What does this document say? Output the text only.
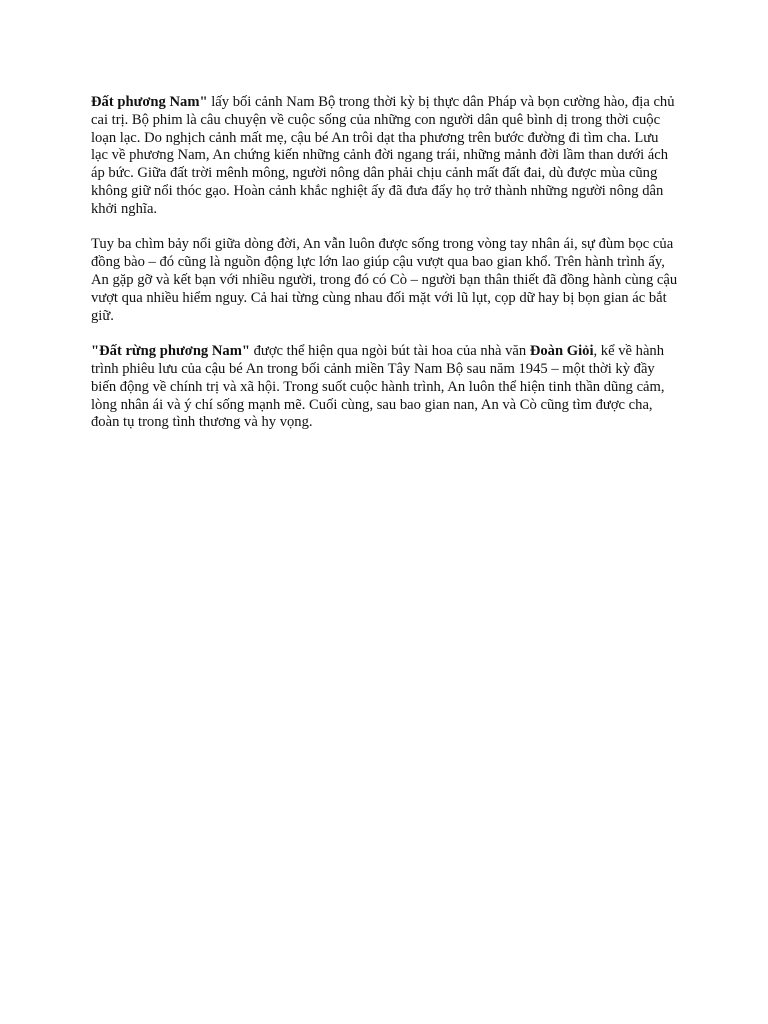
Đất phương Nam" lấy bối cảnh Nam Bộ trong thời kỳ bị thực dân Pháp và bọn cường hào, địa chủ cai trị. Bộ phim là câu chuyện về cuộc sống của những con người dân quê bình dị trong thời cuộc loạn lạc. Do nghịch cảnh mất mẹ, cậu bé An trôi dạt tha phương trên bước đường đi tìm cha. Lưu lạc về phương Nam, An chứng kiến những cảnh đời ngang trái, những mảnh đời lầm than dưới ách áp bức. Giữa đất trời mênh mông, người nông dân phải chịu cảnh mất đất đai, dù được mùa cũng không giữ nổi thóc gạo. Hoàn cảnh khắc nghiệt ấy đã đưa đẩy họ trở thành những người nông dân khởi nghĩa.

Tuy ba chìm bảy nổi giữa dòng đời, An vẫn luôn được sống trong vòng tay nhân ái, sự đùm bọc của đồng bào – đó cũng là nguồn động lực lớn lao giúp cậu vượt qua bao gian khổ. Trên hành trình ấy, An gặp gỡ và kết bạn với nhiều người, trong đó có Cò – người bạn thân thiết đã đồng hành cùng cậu vượt qua nhiều hiểm nguy. Cả hai từng cùng nhau đối mặt với lũ lụt, cọp dữ hay bị bọn gian ác bắt giữ.

"Đất rừng phương Nam" được thể hiện qua ngòi bút tài hoa của nhà văn Đoàn Giỏi, kể về hành trình phiêu lưu của cậu bé An trong bối cảnh miền Tây Nam Bộ sau năm 1945 – một thời kỳ đầy biến động về chính trị và xã hội. Trong suốt cuộc hành trình, An luôn thể hiện tinh thần dũng cảm, lòng nhân ái và ý chí sống mạnh mẽ. Cuối cùng, sau bao gian nan, An và Cò cũng tìm được cha, đoàn tụ trong tình thương và hy vọng.
